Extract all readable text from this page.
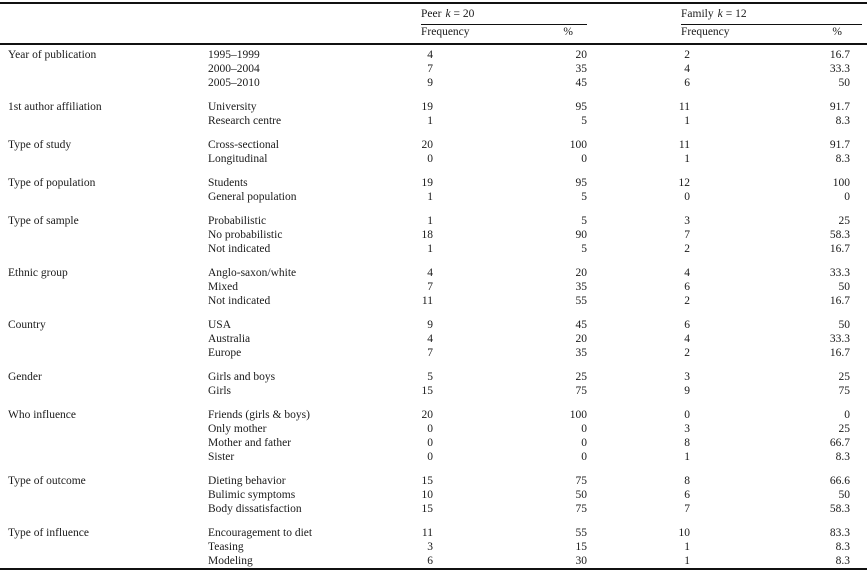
Peer k = 20	Family k = 12
Frequency	%	Frequency	%
Year of publication	1995–1999	4	20	2	16.7
2000–2004	7	35	4	33.3
2005–2010	9	45	6	50
1st author affiliation	University	19	95	11	91.7
Research centre	1	5	1	8.3
Type of study	Cross-sectional	20	100	11	91.7
Longitudinal	0	0	1	8.3
Type of population	Students	19	95	12	100
General population	1	5	0	0
Type of sample	Probabilistic	1	5	3	25
No probabilistic	18	90	7	58.3
Not indicated	1	5	2	16.7
Ethnic group	Anglo-saxon/white	4	20	4	33.3
Mixed	7	35	6	50
Not indicated	11	55	2	16.7
Country	USA	9	45	6	50
Australia	4	20	4	33.3
Europe	7	35	2	16.7
Gender	Girls and boys	5	25	3	25
Girls	15	75	9	75
Who influence	Friends (girls & boys)	20	100	0	0
Only mother	0	0	3	25
Mother and father	0	0	8	66.7
Sister	0	0	1	8.3
Type of outcome	Dieting behavior	15	75	8	66.6
Bulimic symptoms	10	50	6	50
Body dissatisfaction	15	75	7	58.3
Type of influence	Encouragement to diet	11	55	10	83.3
Teasing	3	15	1	8.3
Modeling	6	30	1	8.3
